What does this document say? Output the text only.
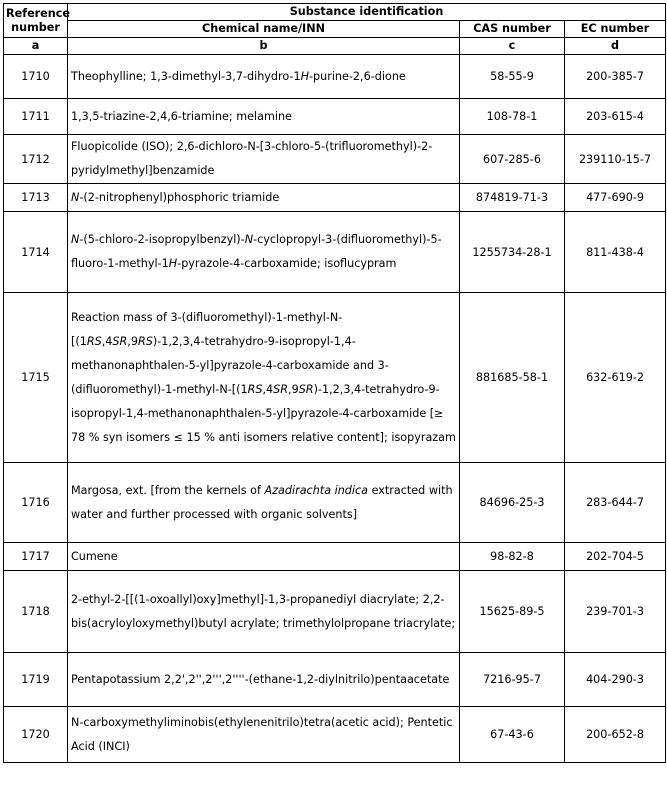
Reference number	Substance identification		
	Chemical name/INN	CAS number	EC number
a	b	c	d
1710	Theophylline; 1,3-dimethyl-3,7-dihydro-1H-purine-2,6-dione	58-55-9	200-385-7
1711	1,3,5-triazine-2,4,6-triamine; melamine	108-78-1	203-615-4
1712	Fluopicolide (ISO); 2,6-dichloro-N-[3-chloro-5-(trifluoromethyl)-2-pyridylmethyl]benzamide	607-285-6	239110-15-7
1713	N-(2-nitrophenyl)phosphoric triamide	874819-71-3	477-690-9
1714	N-(5-chloro-2-isopropylbenzyl)-N-cyclopropyl-3-(difluoromethyl)-5-fluoro-1-methyl-1H-pyrazole-4-carboxamide; isoflucypram	1255734-28-1	811-438-4
1715	Reaction mass of 3-(difluoromethyl)-1-methyl-N-[(1RS,4SR,9RS)-1,2,3,4-tetrahydro-9-isopropyl-1,4-methanonaphthalen-5-yl]pyrazole-4-carboxamide and 3-(difluoromethyl)-1-methyl-N-[(1RS,4SR,9SR)-1,2,3,4-tetrahydro-9-isopropyl-1,4-methanonaphthalen-5-yl]pyrazole-4-carboxamide [≥ 78 % syn isomers ≤ 15 % anti isomers relative content]; isopyrazam	881685-58-1	632-619-2
1716	Margosa, ext. [from the kernels of Azadirachta indica extracted with water and further processed with organic solvents]	84696-25-3	283-644-7
1717	Cumene	98-82-8	202-704-5
1718	2-ethyl-2-[[(1-oxoallyl)oxy]methyl]-1,3-propanediyl diacrylate; 2,2-bis(acryloyloxymethyl)butyl acrylate; trimethylolpropane triacrylate;	15625-89-5	239-701-3
1719	Pentapotassium 2,2',2'',2''',2''''-(ethane-1,2-diylnitrilo)pentaacetate	7216-95-7	404-290-3
1720	N-carboxymethyliminobis(ethylenenitrilo)tetra(acetic acid); Pentetic Acid (INCI)	67-43-6	200-652-8
